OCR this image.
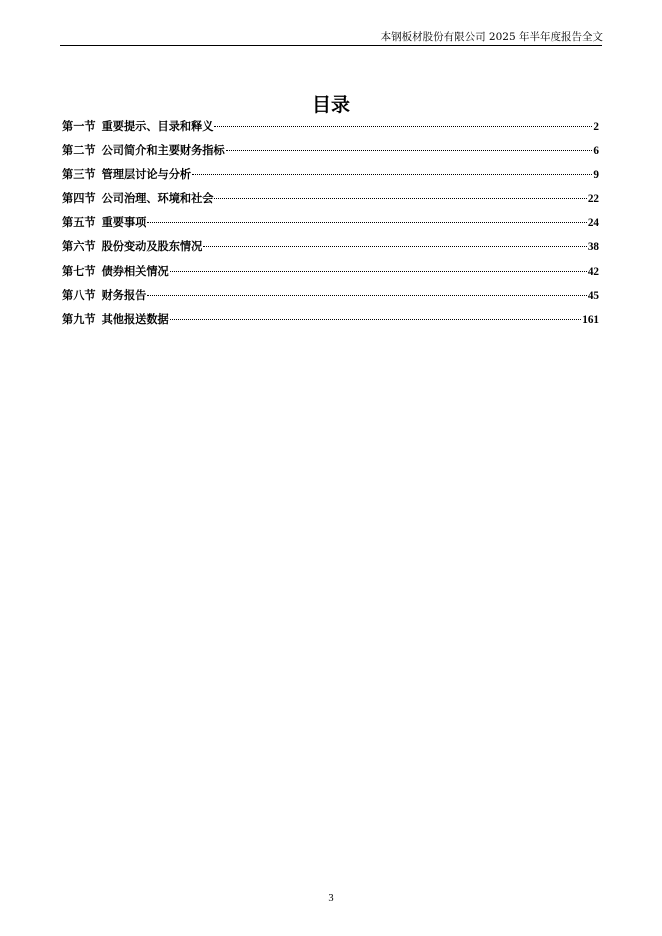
本钢板材股份有限公司 2025 年半年度报告全文
目录
第一节 重要提示、目录和释义	2
第二节 公司简介和主要财务指标	6
第三节 管理层讨论与分析	9
第四节 公司治理、环境和社会	22
第五节 重要事项	24
第六节 股份变动及股东情况	38
第七节 债券相关情况	42
第八节 财务报告	45
第九节 其他报送数据	161
3
